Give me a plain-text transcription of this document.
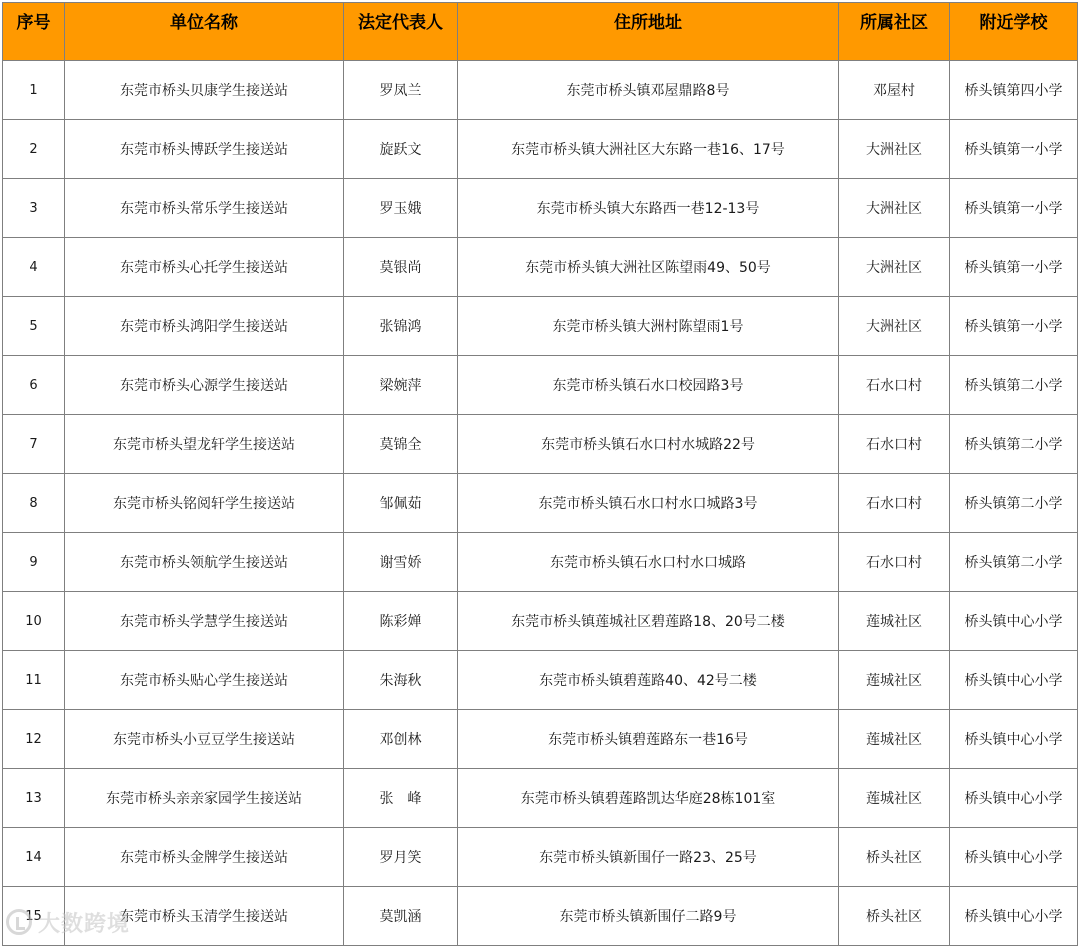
序号	单位名称	法定代表人	住所地址	所属社区	附近学校
1	东莞市桥头贝康学生接送站	罗凤兰	东莞市桥头镇邓屋鼎路8号	邓屋村	桥头镇第四小学
2	东莞市桥头博跃学生接送站	旋跃文	东莞市桥头镇大洲社区大东路一巷16、17号	大洲社区	桥头镇第一小学
3	东莞市桥头常乐学生接送站	罗玉娥	东莞市桥头镇大东路西一巷12-13号	大洲社区	桥头镇第一小学
4	东莞市桥头心托学生接送站	莫银尚	东莞市桥头镇大洲社区陈望雨49、50号	大洲社区	桥头镇第一小学
5	东莞市桥头鸿阳学生接送站	张锦鸿	东莞市桥头镇大洲村陈望雨1号	大洲社区	桥头镇第一小学
6	东莞市桥头心源学生接送站	梁婉萍	东莞市桥头镇石水口校园路3号	石水口村	桥头镇第二小学
7	东莞市桥头望龙轩学生接送站	莫锦全	东莞市桥头镇石水口村水城路22号	石水口村	桥头镇第二小学
8	东莞市桥头铭阅轩学生接送站	邹佩茹	东莞市桥头镇石水口村水口城路3号	石水口村	桥头镇第二小学
9	东莞市桥头领航学生接送站	谢雪娇	东莞市桥头镇石水口村水口城路	石水口村	桥头镇第二小学
10	东莞市桥头学慧学生接送站	陈彩婵	东莞市桥头镇莲城社区碧莲路18、20号二楼	莲城社区	桥头镇中心小学
11	东莞市桥头贴心学生接送站	朱海秋	东莞市桥头镇碧莲路40、42号二楼	莲城社区	桥头镇中心小学
12	东莞市桥头小豆豆学生接送站	邓创林	东莞市桥头镇碧莲路东一巷16号	莲城社区	桥头镇中心小学
13	东莞市桥头亲亲家园学生接送站	张　峰	东莞市桥头镇碧莲路凯达华庭28栋101室	莲城社区	桥头镇中心小学
14	东莞市桥头金牌学生接送站	罗月笑	东莞市桥头镇新围仔一路23、25号	桥头社区	桥头镇中心小学
15	东莞市桥头玉清学生接送站	莫凯涵	东莞市桥头镇新围仔二路9号	桥头社区	桥头镇中心小学
大数跨境
